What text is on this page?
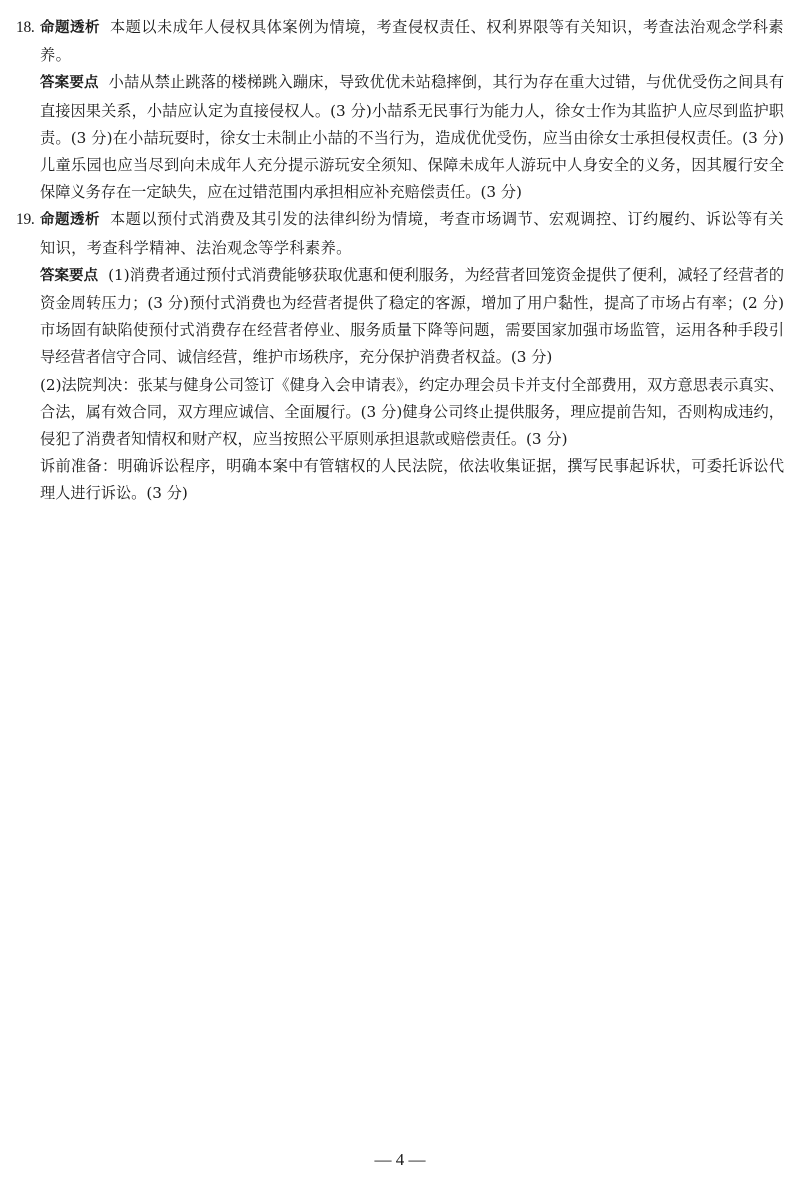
18. 命题透析 本题以未成年人侵权具体案例为情境，考查侵权责任、权利界限等有关知识，考查法治观念学科素养。

答案要点 小喆从禁止跳落的楼梯跳入蹦床，导致优优未站稳摔倒，其行为存在重大过错，与优优受伤之间具有直接因果关系，小喆应认定为直接侵权人。(3 分)小喆系无民事行为能力人，徐女士作为其监护人应尽到监护职责。(3 分)在小喆玩耍时，徐女士未制止小喆的不当行为，造成优优受伤，应当由徐女士承担侵权责任。(3 分)儿童乐园也应当尽到向未成年人充分提示游玩安全须知、保障未成年人游玩中人身安全的义务，因其履行安全保障义务存在一定缺失，应在过错范围内承担相应补充赔偿责任。(3 分)

19. 命题透析 本题以预付式消费及其引发的法律纠纷为情境，考查市场调节、宏观调控、订约履约、诉讼等有关知识，考查科学精神、法治观念等学科素养。

答案要点 (1)消费者通过预付式消费能够获取优惠和便利服务，为经营者回笼资金提供了便利，减轻了经营者的资金周转压力；(3 分)预付式消费也为经营者提供了稳定的客源，增加了用户黏性，提高了市场占有率；(2 分)市场固有缺陷使预付式消费存在经营者停业、服务质量下降等问题，需要国家加强市场监管，运用各种手段引导经营者信守合同、诚信经营，维护市场秩序，充分保护消费者权益。(3 分)

(2)法院判决：张某与健身公司签订《健身入会申请表》，约定办理会员卡并支付全部费用，双方意思表示真实、合法，属有效合同，双方理应诚信、全面履行。(3 分)健身公司终止提供服务，理应提前告知，否则构成违约，侵犯了消费者知情权和财产权，应当按照公平原则承担退款或赔偿责任。(3 分)

诉前准备：明确诉讼程序，明确本案中有管辖权的人民法院，依法收集证据，撰写民事起诉状，可委托诉讼代理人进行诉讼。(3 分)

— 4 —
